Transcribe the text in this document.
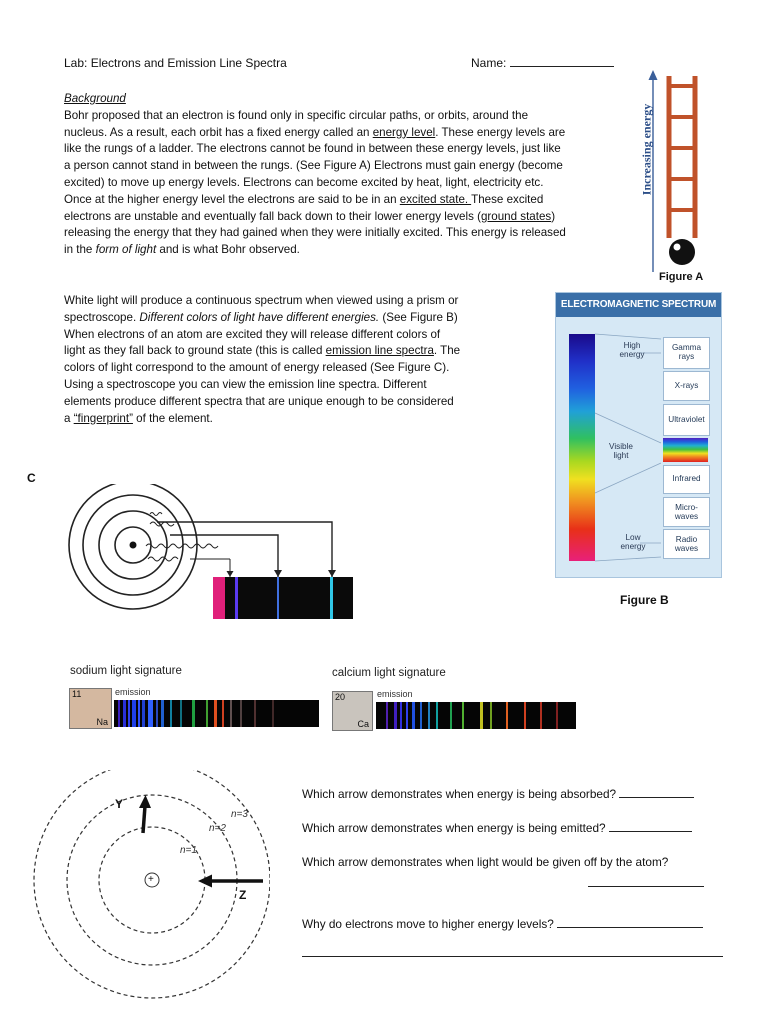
Lab: Electrons and Emission Line Spectra	Name:
Background
Bohr proposed that an electron is found only in specific circular paths, or orbits, around the
nucleus. As a result, each orbit has a fixed energy called an energy level. These energy levels are
like the rungs of a ladder. The electrons cannot be found in between these energy levels, just like
a person cannot stand in between the rungs. (See Figure A) Electrons must gain energy (become
excited) to move up energy levels. Electrons can become excited by heat, light, electricity etc.
Once at the higher energy level the electrons are said to be in an excited state. These excited
electrons are unstable and eventually fall back down to their lower energy levels (ground states)
releasing the energy that they had gained when they were initially excited. This energy is released
in the form of light and is what Bohr observed.
Increasing energy
Figure A
White light will produce a continuous spectrum when viewed using a prism or
spectroscope. Different colors of light have different energies. (See Figure B)
When electrons of an atom are excited they will release different colors of
light as they fall back to ground state (this is called emission line spectra. The
colors of light correspond to the amount of energy released (See Figure C).
Using a spectroscope you can view the emission line spectra. Different
elements produce different spectra that are unique enough to be considered
a “fingerprint” of the element.
ELECTROMAGNETIC SPECTRUM
High energy
Visible light
Low energy
Gamma rays
X-rays
Ultraviolet
Infrared
Micro- waves
Radio waves
Figure B
C
sodium light signature
11
Na
emission
calcium light signature
20
Ca
emission
+
Y
Z
n=3
n=2
n=1
Which arrow demonstrates when energy is being absorbed?
Which arrow demonstrates when energy is being emitted?
Which arrow demonstrates when light would be given off by the atom?
Why do electrons move to higher energy levels?
